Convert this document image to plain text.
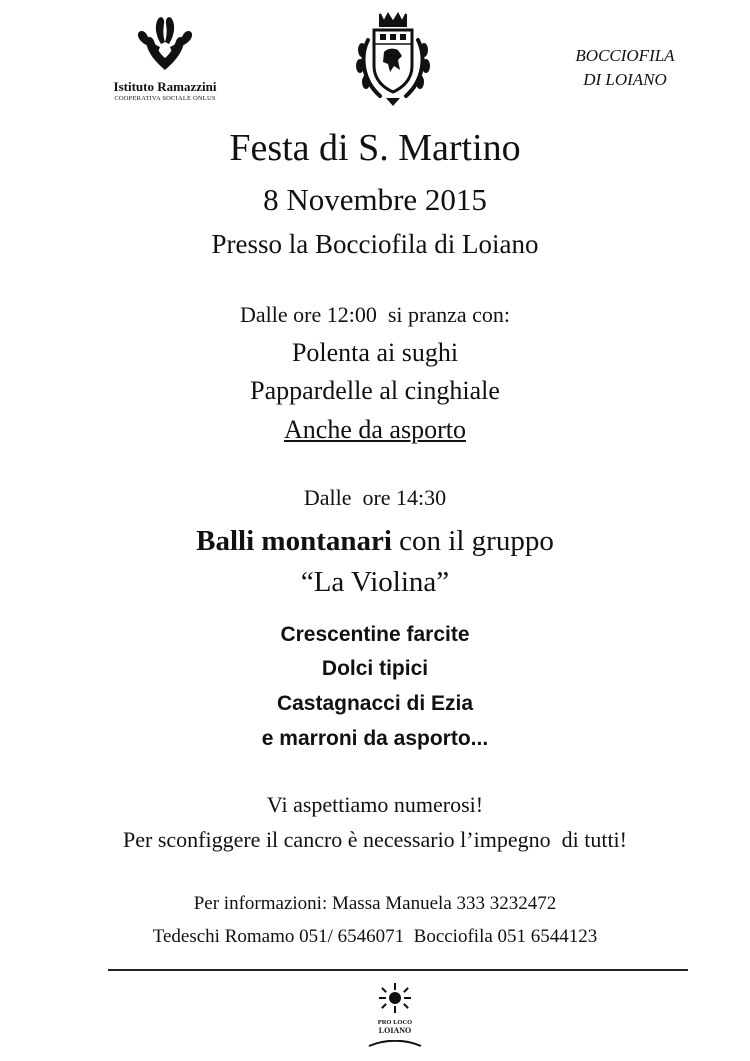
Istituto Ramazzini
COOPERATIVA SOCIALE ONLUS
BOCCIOFILA
DI LOIANO
Festa di S. Martino
8 Novembre 2015
Presso la Bocciofila di Loiano
Dalle ore 12:00  si pranza con:
Polenta ai sughi
Pappardelle al cinghiale
Anche da asporto
Dalle  ore 14:30
Balli montanari con il gruppo
“La Violina”
Crescentine farcite
Dolci tipici
Castagnacci di Ezia
e marroni da asporto...
Vi aspettiamo numerosi!
Per sconfiggere il cancro è necessario l’impegno  di tutti!
Per informazioni: Massa Manuela 333 3232472
Tedeschi Romamo 051/ 6546071  Bocciofila 051 6544123
PRO LOCO
LOIANO
